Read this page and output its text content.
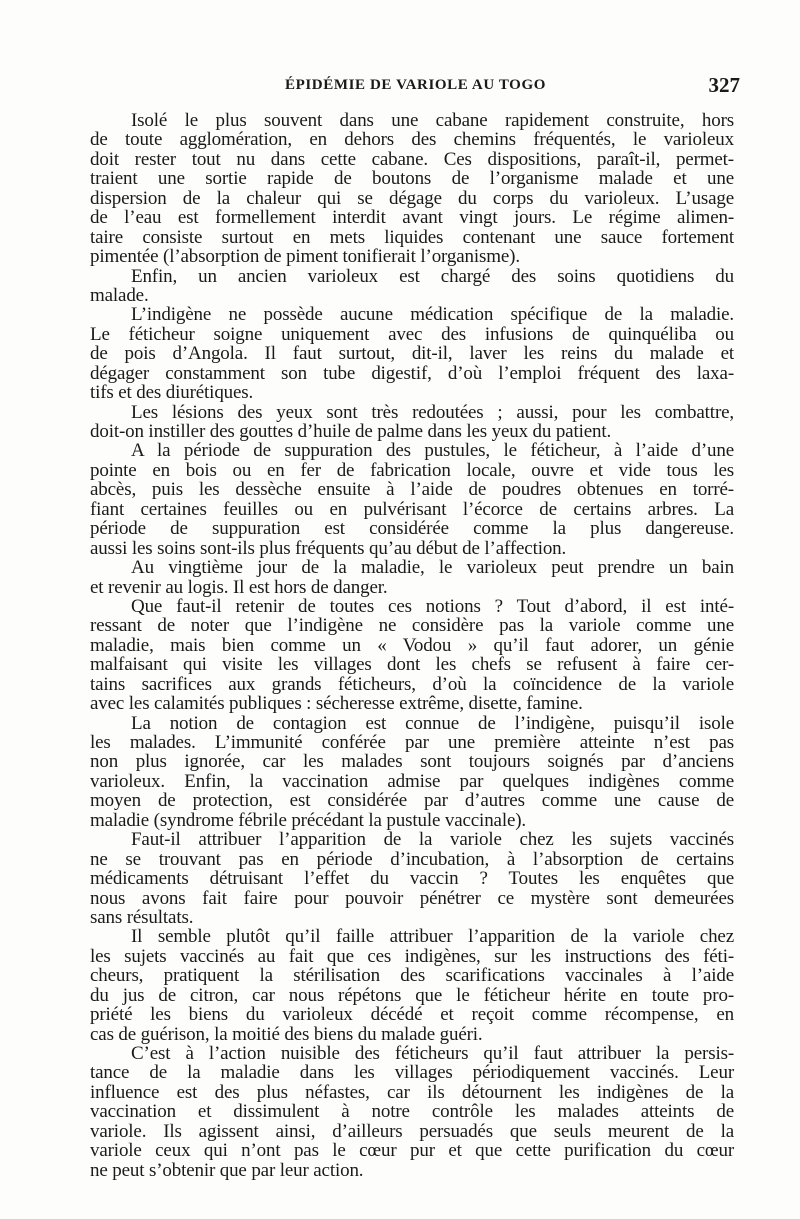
ÉPIDÉMIE DE VARIOLE AU TOGO	327

Isolé le plus souvent dans une cabane rapidement construite, hors
de toute agglomération, en dehors des chemins fréquentés, le varioleux
doit rester tout nu dans cette cabane. Ces dispositions, paraît-il, permet-
traient une sortie rapide de boutons de l’organisme malade et une
dispersion de la chaleur qui se dégage du corps du varioleux. L’usage
de l’eau est formellement interdit avant vingt jours. Le régime alimen-
taire consiste surtout en mets liquides contenant une sauce fortement
pimentée (l’absorption de piment tonifierait l’organisme).

Enfin, un ancien varioleux est chargé des soins quotidiens du
malade.

L’indigène ne possède aucune médication spécifique de la maladie.
Le féticheur soigne uniquement avec des infusions de quinquéliba ou
de pois d’Angola. Il faut surtout, dit-il, laver les reins du malade et
dégager constamment son tube digestif, d’où l’emploi fréquent des laxa-
tifs et des diurétiques.

Les lésions des yeux sont très redoutées ; aussi, pour les combattre,
doit-on instiller des gouttes d’huile de palme dans les yeux du patient.

A la période de suppuration des pustules, le féticheur, à l’aide d’une
pointe en bois ou en fer de fabrication locale, ouvre et vide tous les
abcès, puis les dessèche ensuite à l’aide de poudres obtenues en torré-
fiant certaines feuilles ou en pulvérisant l’écorce de certains arbres. La
période de suppuration est considérée comme la plus dangereuse.
aussi les soins sont-ils plus fréquents qu’au début de l’affection.

Au vingtième jour de la maladie, le varioleux peut prendre un bain
et revenir au logis. Il est hors de danger.

Que faut-il retenir de toutes ces notions ? Tout d’abord, il est inté-
ressant de noter que l’indigène ne considère pas la variole comme une
maladie, mais bien comme un « Vodou » qu’il faut adorer, un génie
malfaisant qui visite les villages dont les chefs se refusent à faire cer-
tains sacrifices aux grands féticheurs, d’où la coïncidence de la variole
avec les calamités publiques : sécheresse extrême, disette, famine.

La notion de contagion est connue de l’indigène, puisqu’il isole
les malades. L’immunité conférée par une première atteinte n’est pas
non plus ignorée, car les malades sont toujours soignés par d’anciens
varioleux. Enfin, la vaccination admise par quelques indigènes comme
moyen de protection, est considérée par d’autres comme une cause de
maladie (syndrome fébrile précédant la pustule vaccinale).

Faut-il attribuer l’apparition de la variole chez les sujets vaccinés
ne se trouvant pas en période d’incubation, à l’absorption de certains
médicaments détruisant l’effet du vaccin ? Toutes les enquêtes que
nous avons fait faire pour pouvoir pénétrer ce mystère sont demeurées
sans résultats.

Il semble plutôt qu’il faille attribuer l’apparition de la variole chez
les sujets vaccinés au fait que ces indigènes, sur les instructions des féti-
cheurs, pratiquent la stérilisation des scarifications vaccinales à l’aide
du jus de citron, car nous répétons que le féticheur hérite en toute pro-
priété les biens du varioleux décédé et reçoit comme récompense, en
cas de guérison, la moitié des biens du malade guéri.

C’est à l’action nuisible des féticheurs qu’il faut attribuer la persis-
tance de la maladie dans les villages périodiquement vaccinés. Leur
influence est des plus néfastes, car ils détournent les indigènes de la
vaccination et dissimulent à notre contrôle les malades atteints de
variole. Ils agissent ainsi, d’ailleurs persuadés que seuls meurent de la
variole ceux qui n’ont pas le cœur pur et que cette purification du cœur
ne peut s’obtenir que par leur action.
